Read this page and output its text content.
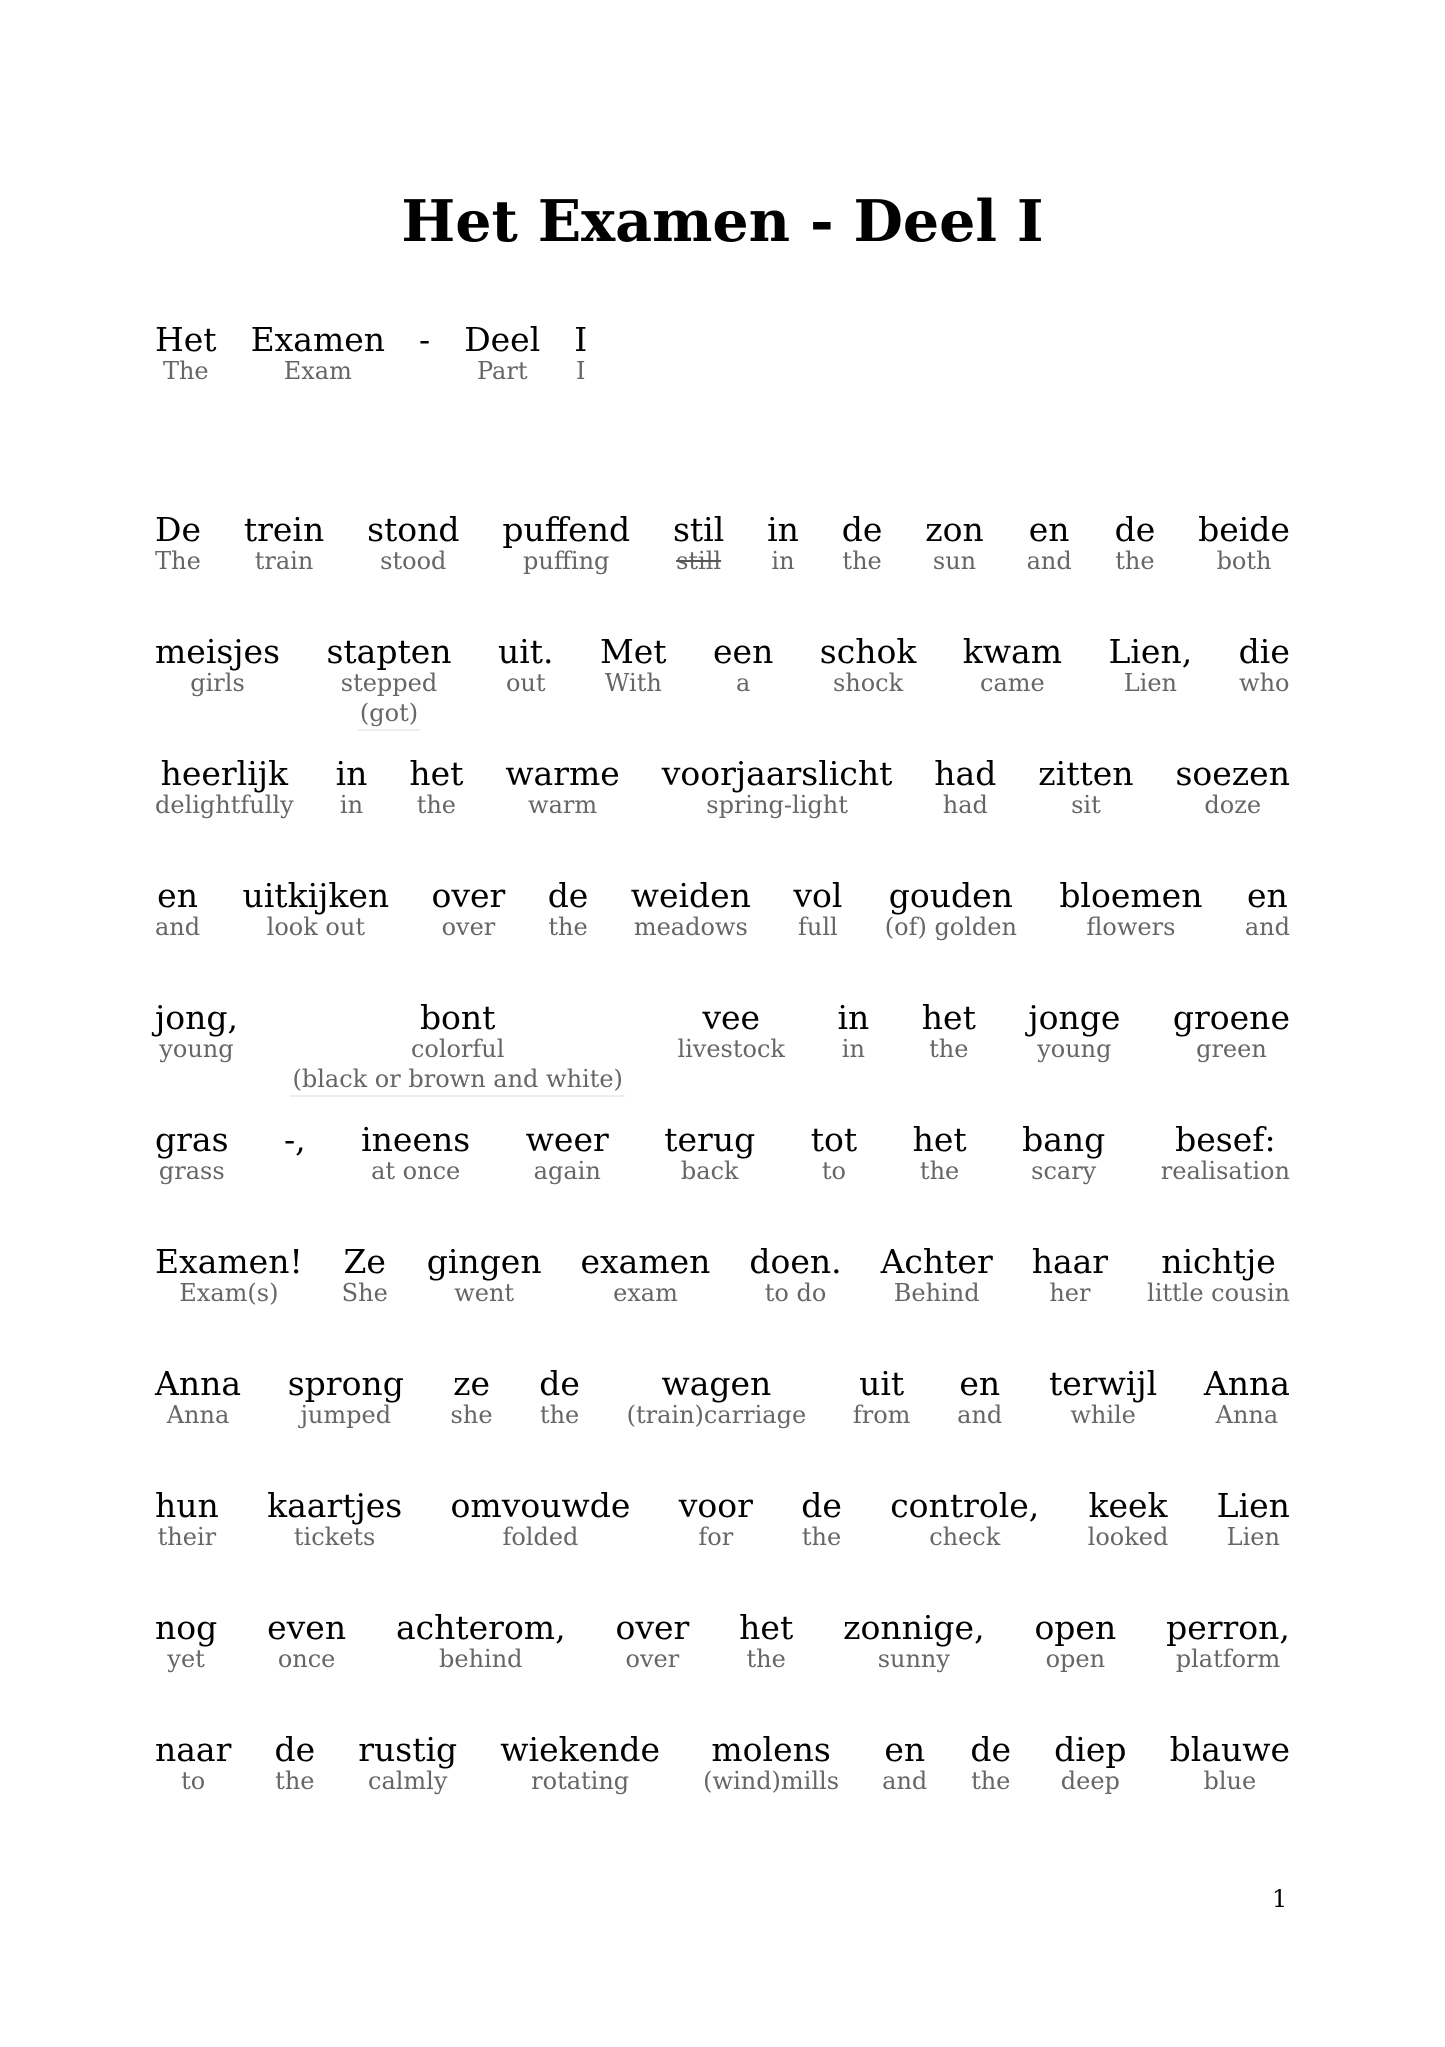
Het Examen - Deel I
Het
The
Examen
Exam
-
Deel
Part
I
I
De
The
trein
train
stond
stood
puffend
puffing
stil
still
in
in
de
the
zon
sun
en
and
de
the
beide
both
meisjes
girls
stapten
stepped
(got)
uit.
out
Met
With
een
a
schok
shock
kwam
came
Lien,
Lien
die
who
heerlijk
delightfully
in
in
het
the
warme
warm
voorjaarslicht
spring-light
had
had
zitten
sit
soezen
doze
en
and
uitkijken
look out
over
over
de
the
weiden
meadows
vol
full
gouden
(of) golden
bloemen
flowers
en
and
jong,
young
bont
colorful
(black or brown and white)
vee
livestock
in
in
het
the
jonge
young
groene
green
gras
grass
-,
ineens
at once
weer
again
terug
back
tot
to
het
the
bang
scary
besef:
realisation
Examen!
Exam(s)
Ze
She
gingen
went
examen
exam
doen.
to do
Achter
Behind
haar
her
nichtje
little cousin
Anna
Anna
sprong
jumped
ze
she
de
the
wagen
(train)carriage
uit
from
en
and
terwijl
while
Anna
Anna
hun
their
kaartjes
tickets
omvouwde
folded
voor
for
de
the
controle,
check
keek
looked
Lien
Lien
nog
yet
even
once
achterom,
behind
over
over
het
the
zonnige,
sunny
open
open
perron,
platform
naar
to
de
the
rustig
calmly
wiekende
rotating
molens
(wind)mills
en
and
de
the
diep
deep
blauwe
blue
1
